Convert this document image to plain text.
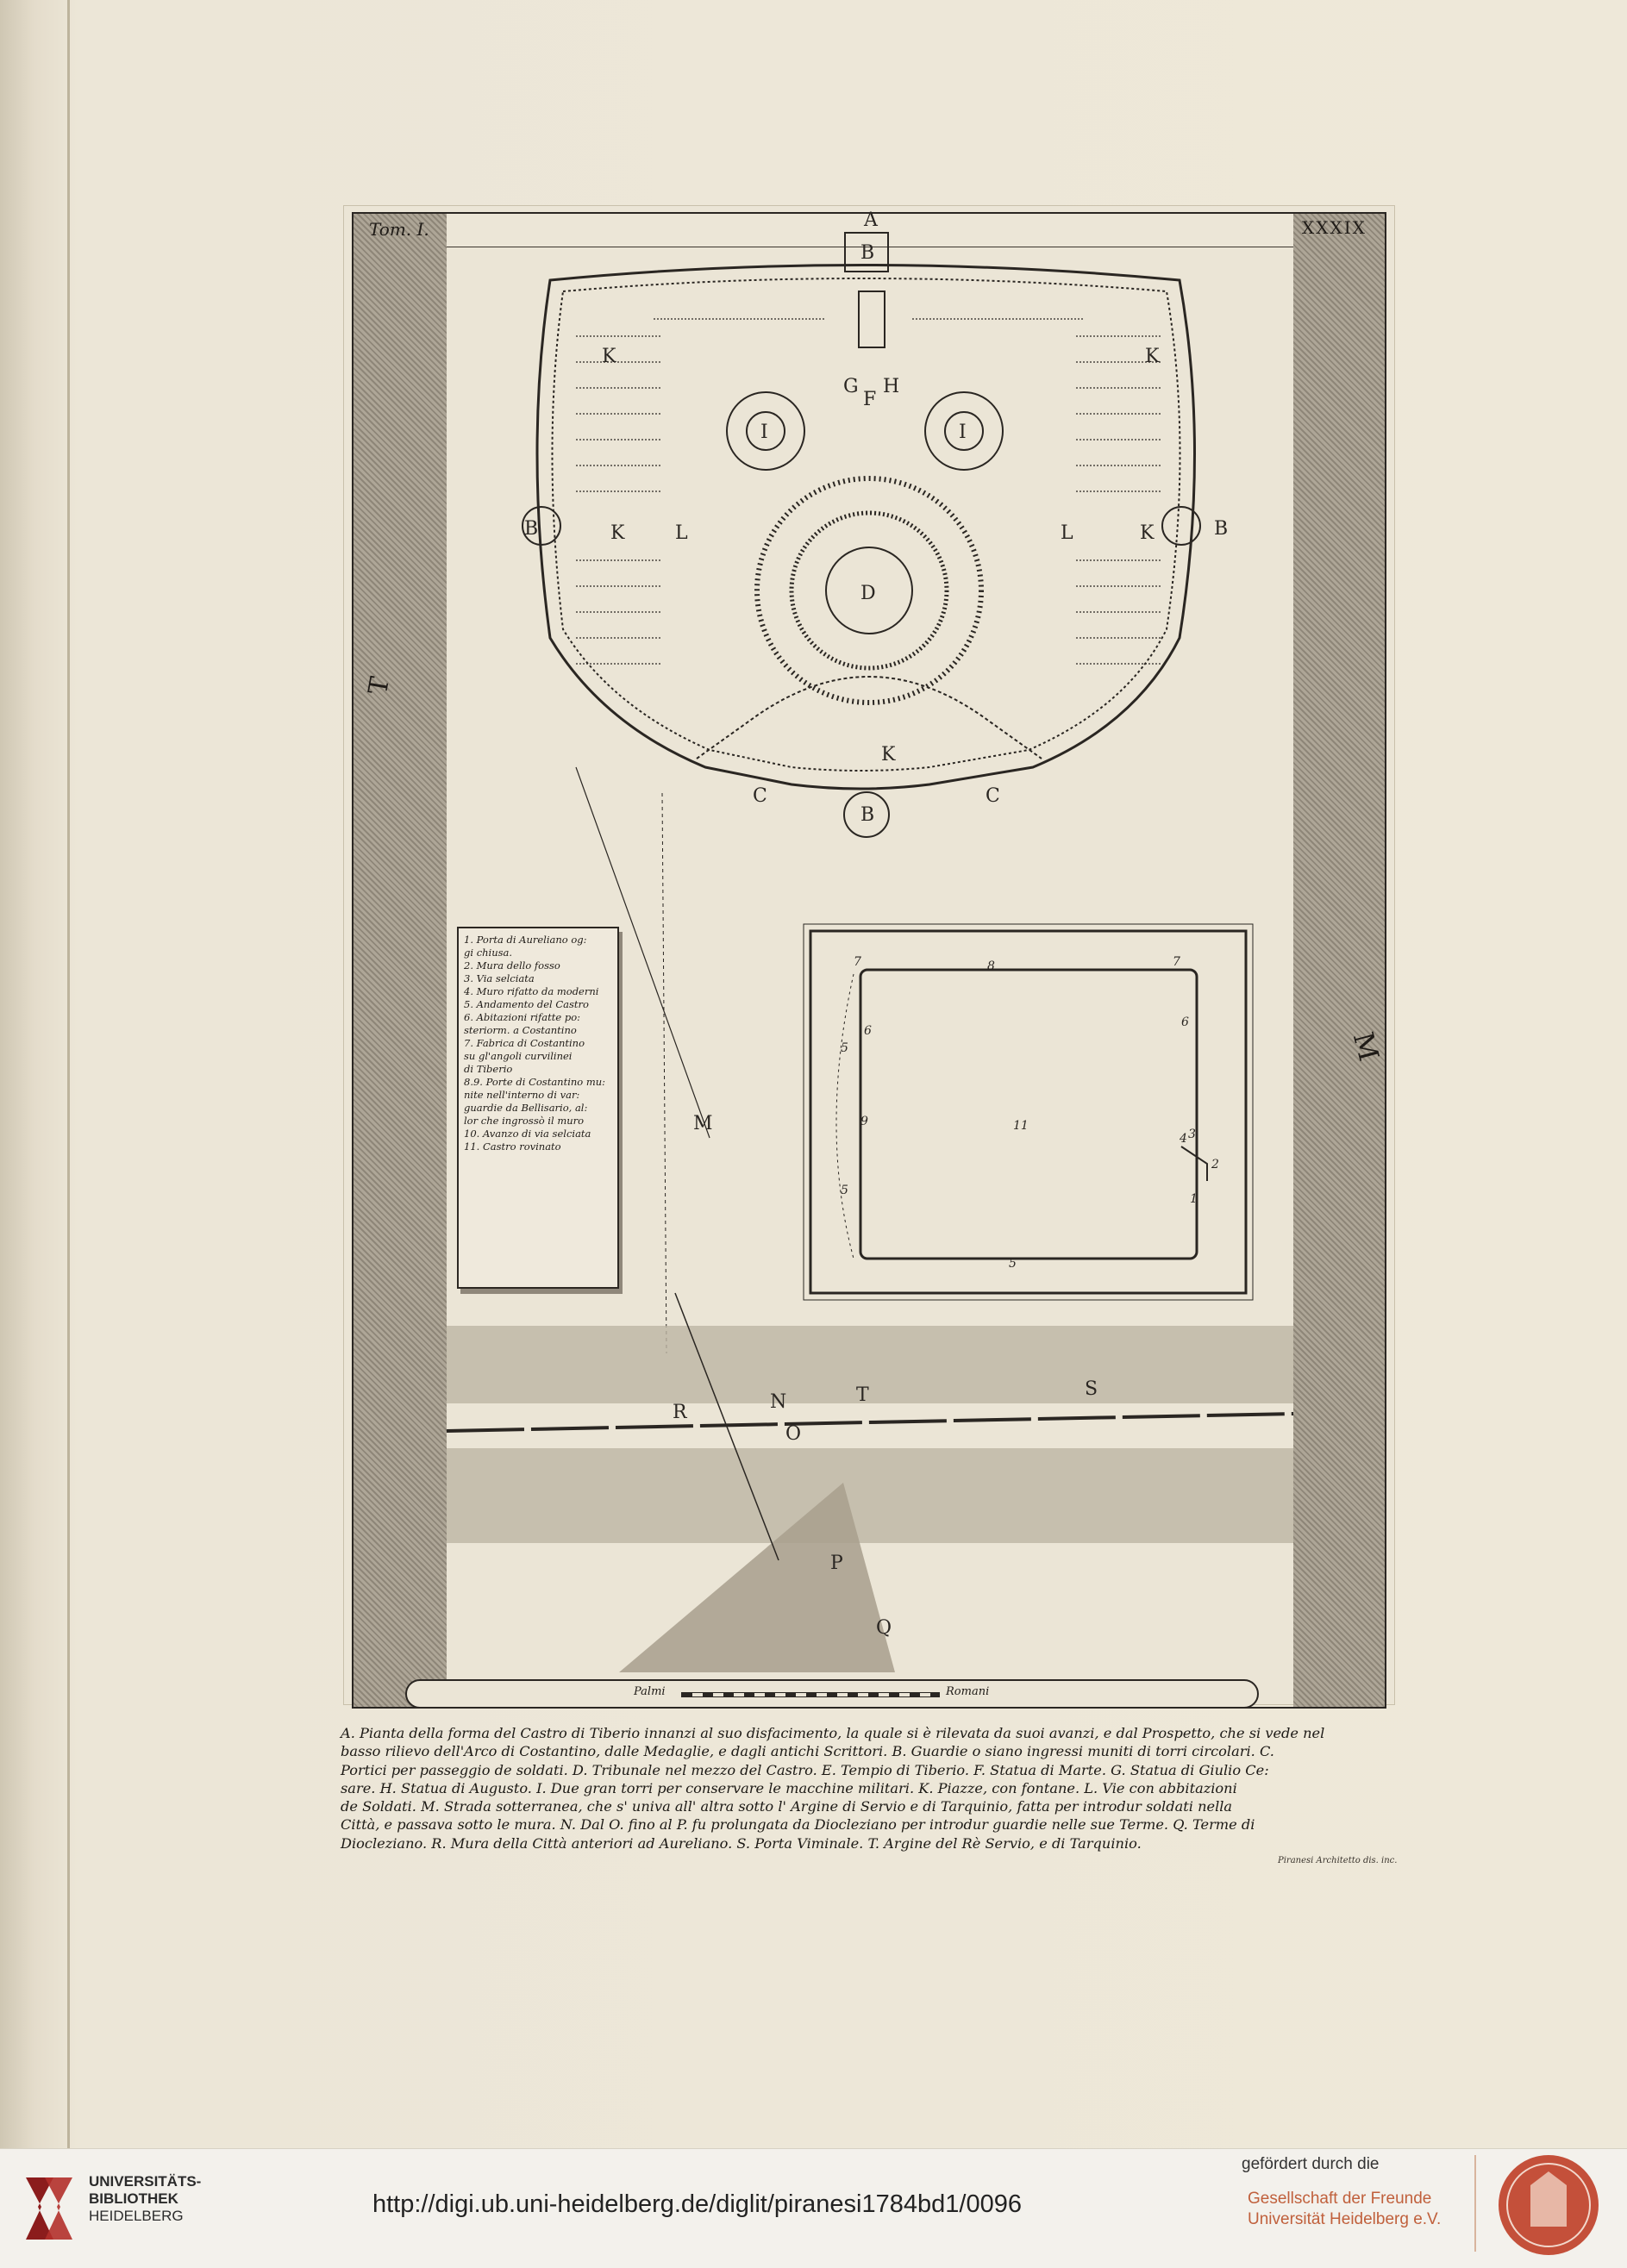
Tom. I.	XXXIX
A
B
B	B
B
C	C
D
G
F
H
I	I
K	K
K	K
K
L	L
M
T
M
1. Porta di Aureliano og:
gi chiusa.
2. Mura dello fosso
3. Via selciata
4. Muro rifatto da moderni
5. Andamento del Castro
6. Abitazioni rifatte po:
steriorm. a Costantino
7. Fabrica di Costantino
su gl'angoli curvilinei
di Tiberio
8.9. Porte di Costantino mu:
nite nell'interno di var:
guardie da Bellisario, al:
lor che ingrossò il muro
10. Avanzo di via selciata
11. Castro rovinato
11
8
7	7
6
6
5
5
5
9
4 3
2
1
R	N	T	S
O
P
Q
Palmi	Romani

A. Pianta della forma del Castro di Tiberio innanzi al suo disfacimento, la quale si è rilevata da suoi avanzi, e dal Prospetto, che si vede nel

basso rilievo dell'Arco di Costantino, dalle Medaglie, e dagli antichi Scrittori. B. Guardie o siano ingressi muniti di torri circolari. C.

Portici per passeggio de soldati. D. Tribunale nel mezzo del Castro. E. Tempio di Tiberio. F. Statua di Marte. G. Statua di Giulio Ce:

sare. H. Statua di Augusto. I. Due gran torri per conservare le macchine militari. K. Piazze, con fontane. L. Vie con abbitazioni

de Soldati. M. Strada sotterranea, che s' univa all' altra sotto l' Argine di Servio e di Tarquinio, fatta per introdur soldati nella

Città, e passava sotto le mura. N. Dal O. fino al P. fu prolungata da Diocleziano per introdur guardie nelle sue Terme. Q. Terme di

Diocleziano. R. Mura della Città anteriori ad Aureliano. S. Porta Viminale. T. Argine del Rè Servio, e di Tarquinio.

Piranesi Architetto dis. inc.
UNIVERSITÄTS-
BIBLIOTHEK
HEIDELBERG	http://digi.ub.uni-heidelberg.de/diglit/piranesi1784bd1/0096
gefördert durch die
Gesellschaft der Freunde
Universität Heidelberg e.V.
